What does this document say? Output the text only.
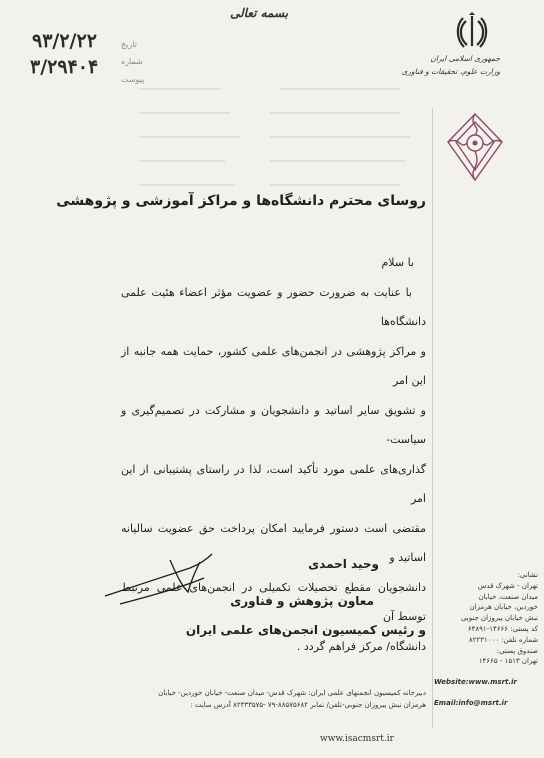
بسمه تعالی
تاریخ
شماره
پیوست
۹۳/۲/۲۲
۳/۲۹۴۰۴	جمهوری اسلامی ایران
وزارت علوم، تحقیقات و فناوری
روسای محترم دانشگاه‌ها و مراکز آموزشی و پژوهشی

با سلام

با عنایت به ضرورت حضور و عضویت مؤثر اعضاء هئیت علمی دانشگاه‌ها

و مراکز پژوهشی در انجمن‌های علمی کشور، حمایت همه جانبه از این امر

و تشویق سایر اساتید و دانشجویان و مشارکت در تصمیم‌گیری و سیاست-

گذاری‌های علمی مورد تأکید است، لذا در راستای پشتیبانی از این امر

مقتضی است دستور فرمایید امکان پرداخت حق عضویت سالیانه اساتید و

دانشجویان مقطع تحصیلات تکمیلی در انجمن‌های علمی مرتبط توسط آن

دانشگاه/ مرکز فراهم گردد .

وحید احمدی
معاون پژوهش و فناوری
و رئیس کمیسیون انجمن‌های علمی ایران
نشانی:
تهران - شهرک قدس
میدان صنعت، خیابان
خوردین، خیابان هرمزان
نبش خیابان پیروزان جنوبی
کد پستی: ۱۴۶۶۶-۶۴۸۹۱
شماره تلفن: ۸۲۲۳۱۰۰۰
صندوق پستی:
تهران ۱۵۱۳ - ۱۴۶۶۵
Website:www.msrt.ir
Email:info@msrt.ir
دبیرخانه کمیسیون انجمنهای علمی ایران: شهرک قدس- میدان صنعت- خیابان خوردین- خیابان
هرمزان نبش پیروزان جنوبی-تلفن/ نمابر ۸۸۵۷۵۶۸۲-۷۹ -۸۲۳۳۳۵۷۵ آدرس سایت :
www.isacmsrt.ir
